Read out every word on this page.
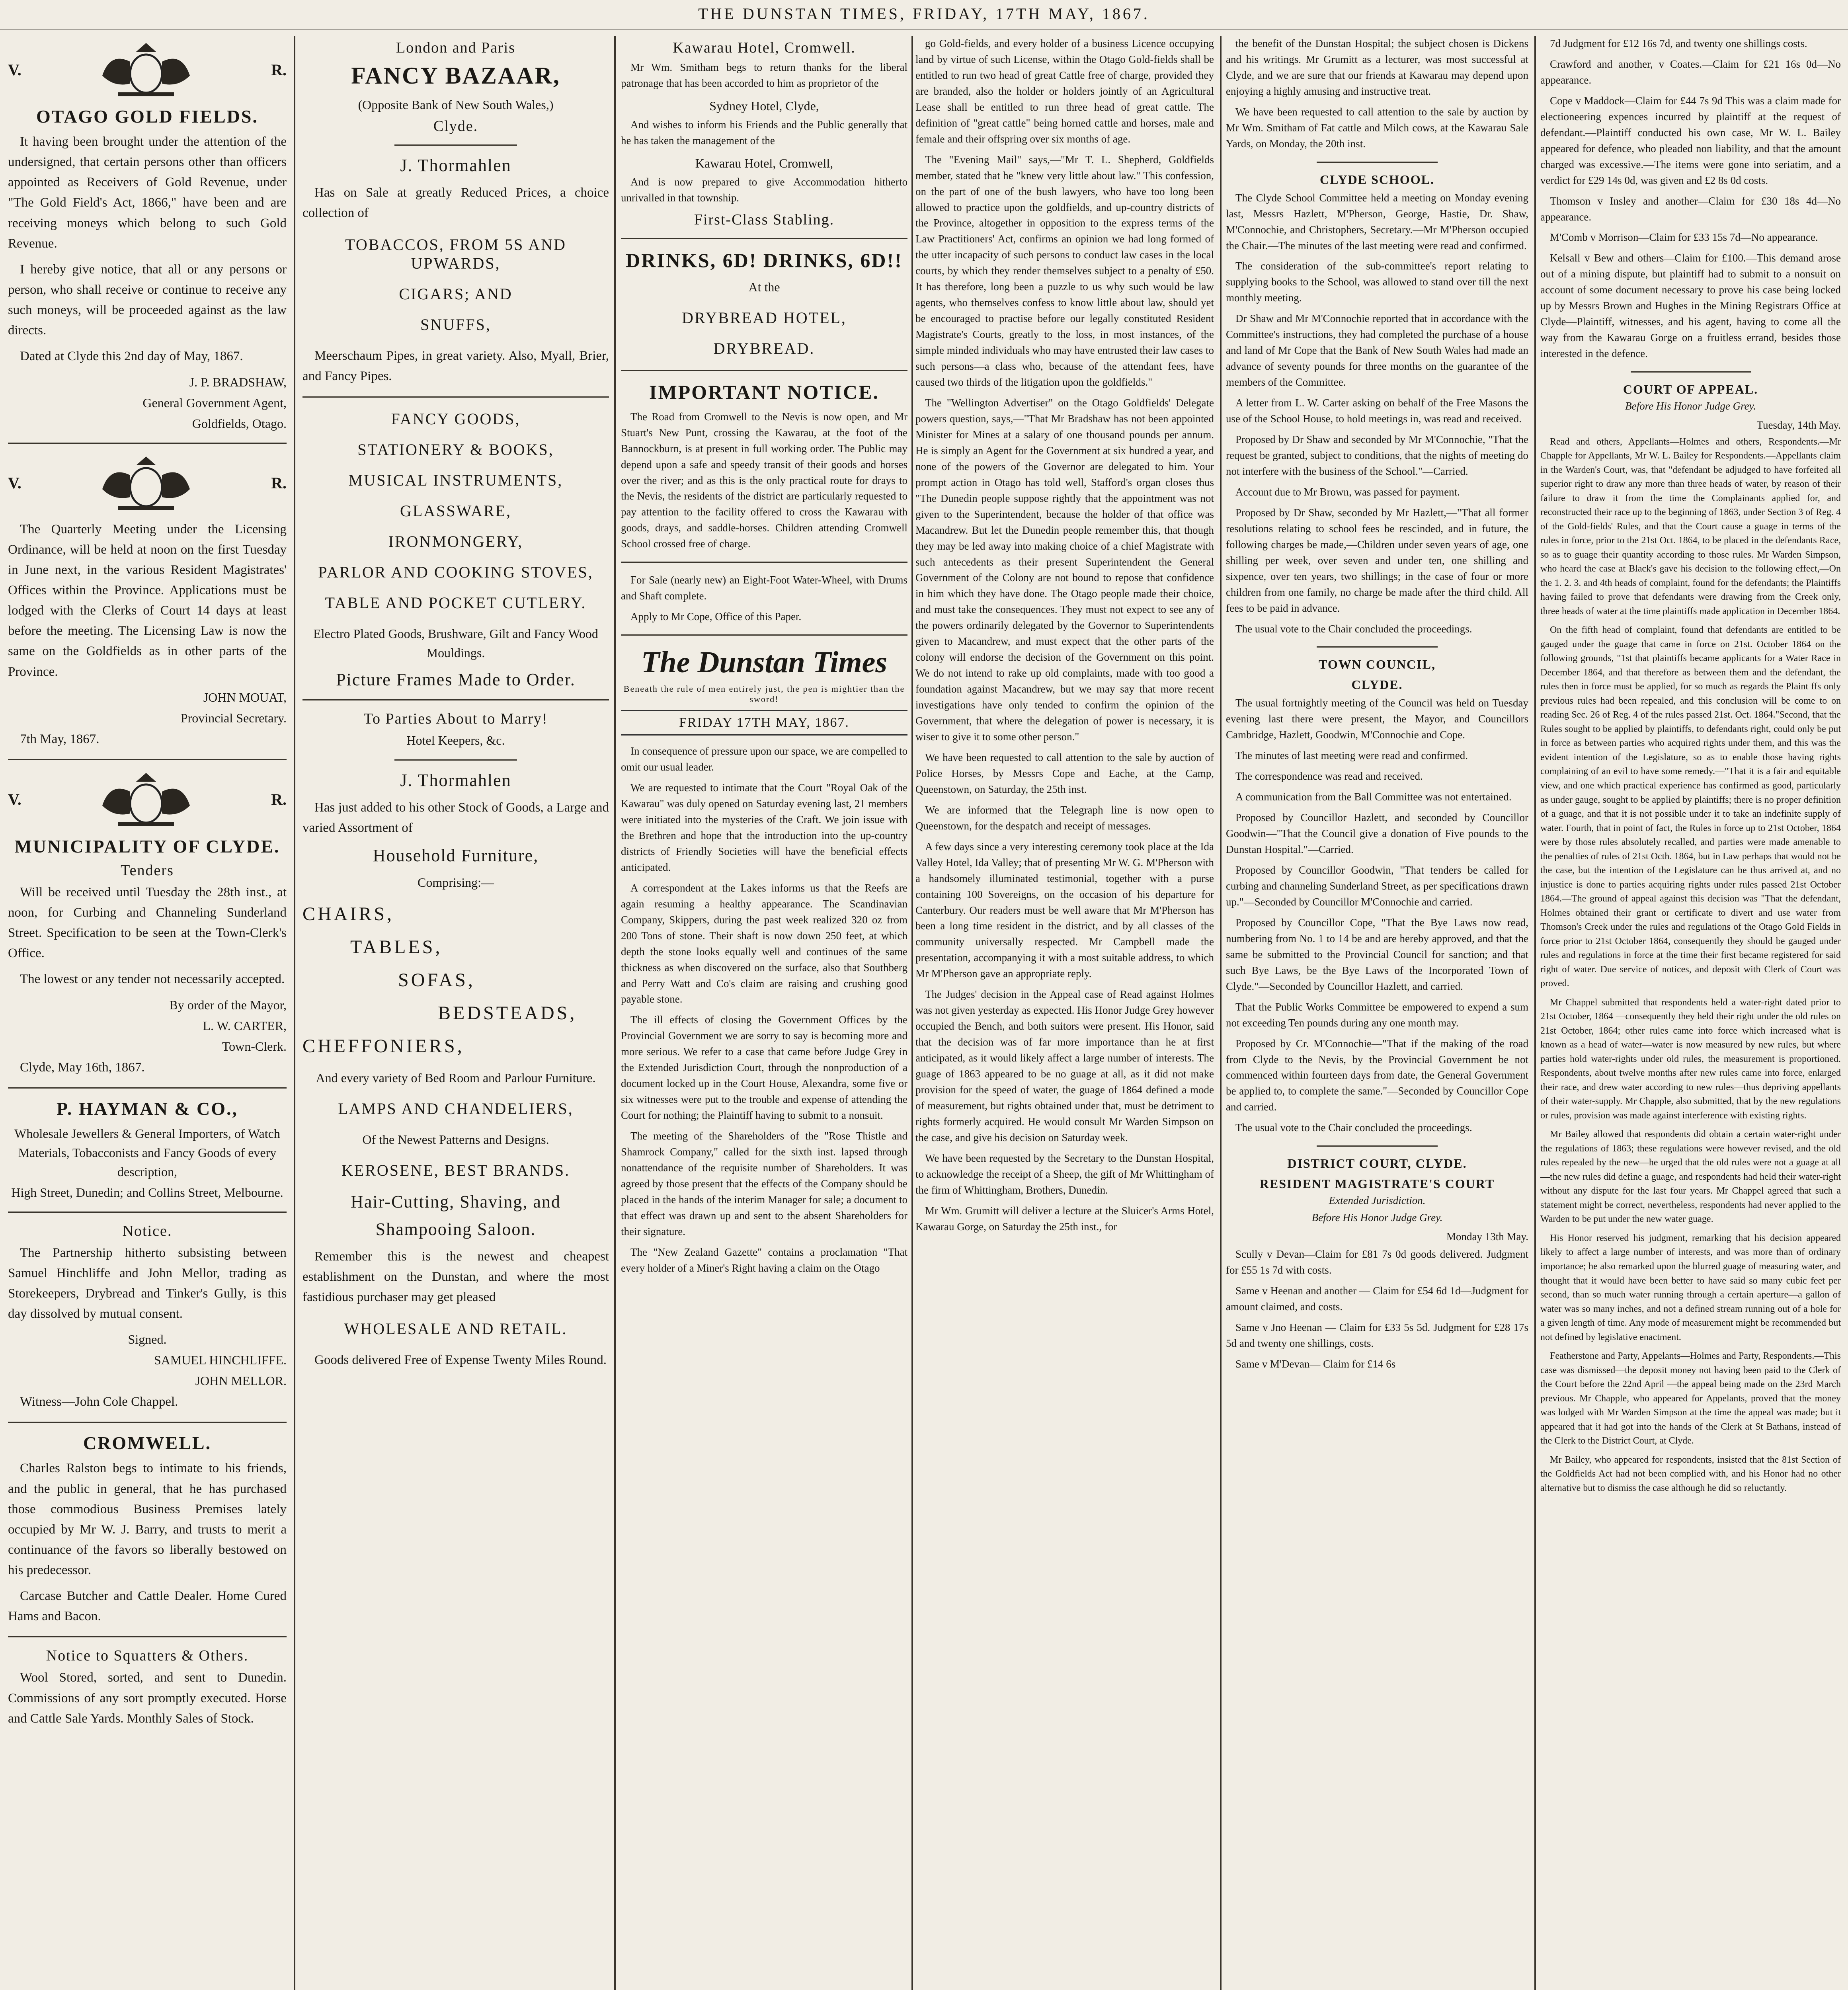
THE DUNSTAN TIMES, FRIDAY, 17TH MAY, 1867.
V.	R.
OTAGO GOLD FIELDS.

It having been brought under the attention of the undersigned, that certain persons other than officers appointed as Receivers of Gold Revenue, under "The Gold Field's Act, 1866," have been and are receiving moneys which belong to such Gold Revenue.

I hereby give notice, that all or any persons or person, who shall receive or continue to receive any such moneys, will be proceeded against as the law directs.

Dated at Clyde this 2nd day of May, 1867.

J. P. BRADSHAW,

General Government Agent,

Goldfields, Otago.

V.	R.

The Quarterly Meeting under the Licensing Ordinance, will be held at noon on the first Tuesday in June next, in the various Resident Magistrates' Offices within the Province. Applications must be lodged with the Clerks of Court 14 days at least before the meeting. The Licensing Law is now the same on the Goldfields as in other parts of the Province.

JOHN MOUAT,

Provincial Secretary.

7th May, 1867.

V.	R.
MUNICIPALITY OF CLYDE.
Tenders

Will be received until Tuesday the 28th inst., at noon, for Curbing and Channeling Sunderland Street. Specification to be seen at the Town-Clerk's Office.

The lowest or any tender not necessarily accepted.

By order of the Mayor,

L. W. CARTER,

Town-Clerk.

Clyde, May 16th, 1867.

P. HAYMAN & CO.,

Wholesale Jewellers & General Importers, of Watch Materials, Tobacconists and Fancy Goods of every description,

High Street, Dunedin; and Collins Street, Melbourne.

Notice.

The Partnership hitherto subsisting between Samuel Hinchliffe and John Mellor, trading as Storekeepers, Drybread and Tinker's Gully, is this day dissolved by mutual consent.

Signed.

SAMUEL HINCHLIFFE.

JOHN MELLOR.

Witness—John Cole Chappel.

CROMWELL.

Charles Ralston begs to intimate to his friends, and the public in general, that he has purchased those commodious Business Premises lately occupied by Mr W. J. Barry, and trusts to merit a continuance of the favors so liberally bestowed on his predecessor.

Carcase Butcher and Cattle Dealer. Home Cured Hams and Bacon.

Notice to Squatters & Others.

Wool Stored, sorted, and sent to Dunedin. Commissions of any sort promptly executed. Horse and Cattle Sale Yards. Monthly Sales of Stock.

London and Paris
FANCY BAZAAR,
(Opposite Bank of New South Wales,)
Clyde.
J. Thormahlen

Has on Sale at greatly Reduced Prices, a choice collection of

TOBACCOS, FROM 5S AND UPWARDS,
CIGARS; AND
SNUFFS,

Meerschaum Pipes, in great variety. Also, Myall, Brier, and Fancy Pipes.

FANCY GOODS,
STATIONERY & BOOKS,
MUSICAL INSTRUMENTS,
GLASSWARE,
IRONMONGERY,
PARLOR AND COOKING STOVES,
TABLE AND POCKET CUTLERY.

Electro Plated Goods, Brushware, Gilt and Fancy Wood Mouldings.

Picture Frames Made to Order.
To Parties About to Marry!
Hotel Keepers, &c.
J. Thormahlen

Has just added to his other Stock of Goods, a Large and varied Assortment of

Household Furniture,
Comprising:—
CHAIRS,
TABLES,
SOFAS,
BEDSTEADS,
CHEFFONIERS,

And every variety of Bed Room and Parlour Furniture.

LAMPS AND CHANDELIERS,

Of the Newest Patterns and Designs.

KEROSENE, BEST BRANDS.
Hair-Cutting, Shaving, and
Shampooing Saloon.

Remember this is the newest and cheapest establishment on the Dunstan, and where the most fastidious purchaser may get pleased

WHOLESALE AND RETAIL.

Goods delivered Free of Expense Twenty Miles Round.

Kawarau Hotel, Cromwell.

Mr Wm. Smitham begs to return thanks for the liberal patronage that has been accorded to him as proprietor of the

Sydney Hotel, Clyde,

And wishes to inform his Friends and the Public generally that he has taken the management of the

Kawarau Hotel, Cromwell,

And is now prepared to give Accommodation hitherto unrivalled in that township.

First-Class Stabling.
DRINKS, 6D! DRINKS, 6D!!
At the
DRYBREAD HOTEL,
DRYBREAD.
IMPORTANT NOTICE.

The Road from Cromwell to the Nevis is now open, and Mr Stuart's New Punt, crossing the Kawarau, at the foot of the Bannockburn, is at present in full working order. The Public may depend upon a safe and speedy transit of their goods and horses over the river; and as this is the only practical route for drays to the Nevis, the residents of the district are particularly requested to pay attention to the facility offered to cross the Kawarau with goods, drays, and saddle-horses. Children attending Cromwell School crossed free of charge.

For Sale (nearly new) an Eight-Foot Water-Wheel, with Drums and Shaft complete.

Apply to Mr Cope, Office of this Paper.

The Dunstan Times
Beneath the rule of men entirely just, the pen is mightier than the sword!
FRIDAY 17TH MAY, 1867.

In consequence of pressure upon our space, we are compelled to omit our usual leader.

We are requested to intimate that the Court "Royal Oak of the Kawarau" was duly opened on Saturday evening last, 21 members were initiated into the mysteries of the Craft. We join issue with the Brethren and hope that the introduction into the up-country districts of Friendly Societies will have the beneficial effects anticipated.

A correspondent at the Lakes informs us that the Reefs are again resuming a healthy appearance. The Scandinavian Company, Skippers, during the past week realized 320 oz from 200 Tons of stone. Their shaft is now down 250 feet, at which depth the stone looks equally well and continues of the same thickness as when discovered on the surface, also that Southberg and Perry Watt and Co's claim are raising and crushing good payable stone.

The ill effects of closing the Government Offices by the Provincial Government we are sorry to say is becoming more and more serious. We refer to a case that came before Judge Grey in the Extended Jurisdiction Court, through the nonproduction of a document locked up in the Court House, Alexandra, some five or six witnesses were put to the trouble and expense of attending the Court for nothing; the Plaintiff having to submit to a nonsuit.

The meeting of the Shareholders of the "Rose Thistle and Shamrock Company," called for the sixth inst. lapsed through nonattendance of the requisite number of Shareholders. It was agreed by those present that the effects of the Company should be placed in the hands of the interim Manager for sale; a document to that effect was drawn up and sent to the absent Shareholders for their signature.

The "New Zealand Gazette" contains a proclamation "That every holder of a Miner's Right having a claim on the Otago

go Gold-fields, and every holder of a business Licence occupying land by virtue of such License, within the Otago Gold-fields shall be entitled to run two head of great Cattle free of charge, provided they are branded, also the holder or holders jointly of an Agricultural Lease shall be entitled to run three head of great cattle. The definition of "great cattle" being horned cattle and horses, male and female and their offspring over six months of age.

The "Evening Mail" says,—"Mr T. L. Shepherd, Goldfields member, stated that he "knew very little about law." This confession, on the part of one of the bush lawyers, who have too long been allowed to practice upon the goldfields, and up-country districts of the Province, altogether in opposition to the express terms of the Law Practitioners' Act, confirms an opinion we had long formed of the utter incapacity of such persons to conduct law cases in the local courts, by which they render themselves subject to a penalty of £50. It has therefore, long been a puzzle to us why such would be law agents, who themselves confess to know little about law, should yet be encouraged to practise before our legally constituted Resident Magistrate's Courts, greatly to the loss, in most instances, of the simple minded individuals who may have entrusted their law cases to such persons—a class who, because of the attendant fees, have caused two thirds of the litigation upon the goldfields."

The "Wellington Advertiser" on the Otago Goldfields' Delegate powers question, says,—"That Mr Bradshaw has not been appointed Minister for Mines at a salary of one thousand pounds per annum. He is simply an Agent for the Government at six hundred a year, and none of the powers of the Governor are delegated to him. Your prompt action in Otago has told well, Stafford's organ closes thus "The Dunedin people suppose rightly that the appointment was not given to the Superintendent, because the holder of that office was Macandrew. But let the Dunedin people remember this, that though they may be led away into making choice of a chief Magistrate with such antecedents as their present Superintendent the General Government of the Colony are not bound to repose that confidence in him which they have done. The Otago people made their choice, and must take the consequences. They must not expect to see any of the powers ordinarily delegated by the Governor to Superintendents given to Macandrew, and must expect that the other parts of the colony will endorse the decision of the Government on this point. We do not intend to rake up old complaints, made with too good a foundation against Macandrew, but we may say that more recent investigations have only tended to confirm the opinion of the Government, that where the delegation of power is necessary, it is wiser to give it to some other person."

We have been requested to call attention to the sale by auction of Police Horses, by Messrs Cope and Eache, at the Camp, Queenstown, on Saturday, the 25th inst.

We are informed that the Telegraph line is now open to Queenstown, for the despatch and receipt of messages.

A few days since a very interesting ceremony took place at the Ida Valley Hotel, Ida Valley; that of presenting Mr W. G. M'Pherson with a handsomely illuminated testimonial, together with a purse containing 100 Sovereigns, on the occasion of his departure for Canterbury. Our readers must be well aware that Mr M'Pherson has been a long time resident in the district, and by all classes of the community universally respected. Mr Campbell made the presentation, accompanying it with a most suitable address, to which Mr M'Pherson gave an appropriate reply.

The Judges' decision in the Appeal case of Read against Holmes was not given yesterday as expected. His Honor Judge Grey however occupied the Bench, and both suitors were present. His Honor, said that the decision was of far more importance than he at first anticipated, as it would likely affect a large number of interests. The guage of 1863 appeared to be no guage at all, as it did not make provision for the speed of water, the guage of 1864 defined a mode of measurement, but rights obtained under that, must be detriment to rights formerly acquired. He would consult Mr Warden Simpson on the case, and give his decision on Saturday week.

We have been requested by the Secretary to the Dunstan Hospital, to acknowledge the receipt of a Sheep, the gift of Mr Whittingham of the firm of Whittingham, Brothers, Dunedin.

Mr Wm. Grumitt will deliver a lecture at the Sluicer's Arms Hotel, Kawarau Gorge, on Saturday the 25th inst., for

the benefit of the Dunstan Hospital; the subject chosen is Dickens and his writings. Mr Grumitt as a lecturer, was most successful at Clyde, and we are sure that our friends at Kawarau may depend upon enjoying a highly amusing and instructive treat.

We have been requested to call attention to the sale by auction by Mr Wm. Smitham of Fat cattle and Milch cows, at the Kawarau Sale Yards, on Monday, the 20th inst.

CLYDE SCHOOL.

The Clyde School Committee held a meeting on Monday evening last, Messrs Hazlett, M'Pherson, George, Hastie, Dr. Shaw, M'Connochie, and Christophers, Secretary.—Mr M'Pherson occupied the Chair.—The minutes of the last meeting were read and confirmed.

The consideration of the sub-committee's report relating to supplying books to the School, was allowed to stand over till the next monthly meeting.

Dr Shaw and Mr M'Connochie reported that in accordance with the Committee's instructions, they had completed the purchase of a house and land of Mr Cope that the Bank of New South Wales had made an advance of seventy pounds for three months on the guarantee of the members of the Committee.

A letter from L. W. Carter asking on behalf of the Free Masons the use of the School House, to hold meetings in, was read and received.

Proposed by Dr Shaw and seconded by Mr M'Connochie, "That the request be granted, subject to conditions, that the nights of meeting do not interfere with the business of the School."—Carried.

Account due to Mr Brown, was passed for payment.

Proposed by Dr Shaw, seconded by Mr Hazlett,—"That all former resolutions relating to school fees be rescinded, and in future, the following charges be made,—Children under seven years of age, one shilling per week, over seven and under ten, one shilling and sixpence, over ten years, two shillings; in the case of four or more children from one family, no charge be made after the third child. All fees to be paid in advance.

The usual vote to the Chair concluded the proceedings.

TOWN COUNCIL,
CLYDE.

The usual fortnightly meeting of the Council was held on Tuesday evening last there were present, the Mayor, and Councillors Cambridge, Hazlett, Goodwin, M'Connochie and Cope.

The minutes of last meeting were read and confirmed.

The correspondence was read and received.

A communication from the Ball Committee was not entertained.

Proposed by Councillor Hazlett, and seconded by Councillor Goodwin—"That the Council give a donation of Five pounds to the Dunstan Hospital."—Carried.

Proposed by Councillor Goodwin, "That tenders be called for curbing and channeling Sunderland Street, as per specifications drawn up."—Seconded by Councillor M'Connochie and carried.

Proposed by Councillor Cope, "That the Bye Laws now read, numbering from No. 1 to 14 be and are hereby approved, and that the same be submitted to the Provincial Council for sanction; and that such Bye Laws, be the Bye Laws of the Incorporated Town of Clyde."—Seconded by Councillor Hazlett, and carried.

That the Public Works Committee be empowered to expend a sum not exceeding Ten pounds during any one month may.

Proposed by Cr. M'Connochie—"That if the making of the road from Clyde to the Nevis, by the Provincial Government be not commenced within fourteen days from date, the General Government be applied to, to complete the same."—Seconded by Councillor Cope and carried.

The usual vote to the Chair concluded the proceedings.

DISTRICT COURT, CLYDE.
RESIDENT MAGISTRATE'S COURT
Extended Jurisdiction.
Before His Honor Judge Grey.

Monday 13th May.

Scully v Devan—Claim for £81 7s 0d goods delivered. Judgment for £55 1s 7d with costs.

Same v Heenan and another — Claim for £54 6d 1d—Judgment for amount claimed, and costs.

Same v Jno Heenan — Claim for £33 5s 5d. Judgment for £28 17s 5d and twenty one shillings, costs.

Same v M'Devan— Claim for £14 6s

7d Judgment for £12 16s 7d, and twenty one shillings costs.

Crawford and another, v Coates.—Claim for £21 16s 0d—No appearance.

Cope v Maddock—Claim for £44 7s 9d This was a claim made for electioneering expences incurred by plaintiff at the request of defendant.—Plaintiff conducted his own case, Mr W. L. Bailey appeared for defence, who pleaded non liability, and that the amount charged was excessive.—The items were gone into seriatim, and a verdict for £29 14s 0d, was given and £2 8s 0d costs.

Thomson v Insley and another—Claim for £30 18s 4d—No appearance.

M'Comb v Morrison—Claim for £33 15s 7d—No appearance.

Kelsall v Bew and others—Claim for £100.—This demand arose out of a mining dispute, but plaintiff had to submit to a nonsuit on account of some document necessary to prove his case being locked up by Messrs Brown and Hughes in the Mining Registrars Office at Clyde—Plaintiff, witnesses, and his agent, having to come all the way from the Kawarau Gorge on a fruitless errand, besides those interested in the defence.

COURT OF APPEAL.
Before His Honor Judge Grey.

Tuesday, 14th May.

Read and others, Appellants—Holmes and others, Respondents.—Mr Chapple for Appellants, Mr W. L. Bailey for Respondents.—Appellants claim in the Warden's Court, was, that "defendant be adjudged to have forfeited all superior right to draw any more than three heads of water, by reason of their failure to draw it from the time the Complainants applied for, and reconstructed their race up to the beginning of 1863, under Section 3 of Reg. 4 of the Gold-fields' Rules, and that the Court cause a guage in terms of the rules in force, prior to the 21st Oct. 1864, to be placed in the defendants Race, so as to guage their quantity according to those rules. Mr Warden Simpson, who heard the case at Black's gave his decision to the following effect,—On the 1. 2. 3. and 4th heads of complaint, found for the defendants; the Plaintiffs having failed to prove that defendants were drawing from the Creek only, three heads of water at the time plaintiffs made application in December 1864.

On the fifth head of complaint, found that defendants are entitled to be gauged under the guage that came in force on 21st. October 1864 on the following grounds, "1st that plaintiffs became applicants for a Water Race in December 1864, and that therefore as between them and the defendant, the rules then in force must be applied, for so much as regards the Plaint ffs only previous rules had been repealed, and this conclusion will be come to on reading Sec. 26 of Reg. 4 of the rules passed 21st. Oct. 1864."Second, that the Rules sought to be applied by plaintiffs, to defendants right, could only be put in force as between parties who acquired rights under them, and this was the evident intention of the Legislature, so as to enable those having rights complaining of an evil to have some remedy.—"That it is a fair and equitable view, and one which practical experience has confirmed as good, particularly as under gauge, sought to be applied by plaintiffs; there is no proper definition of a guage, and that it is not possible under it to take an indefinite supply of water. Fourth, that in point of fact, the Rules in force up to 21st October, 1864 were by those rules absolutely recalled, and parties were made amenable to the penalties of rules of 21st Octh. 1864, but in Law perhaps that would not be the case, but the intention of the Legislature can be thus arrived at, and no injustice is done to parties acquiring rights under rules passed 21st October 1864.—The ground of appeal against this decision was "That the defendant, Holmes obtained their grant or certificate to divert and use water from Thomson's Creek under the rules and regulations of the Otago Gold Fields in force prior to 21st October 1864, consequently they should be gauged under rules and regulations in force at the time their first became registered for said right of water. Due service of notices, and deposit with Clerk of Court was proved.

Mr Chappel submitted that respondents held a water-right dated prior to 21st October, 1864 —consequently they held their right under the old rules on 21st October, 1864; other rules came into force which increased what is known as a head of water—water is now measured by new rules, but where parties hold water-rights under old rules, the measurement is proportioned. Respondents, about twelve months after new rules came into force, enlarged their race, and drew water according to new rules—thus depriving appellants of their water-supply. Mr Chapple, also submitted, that by the new regulations or rules, provision was made against interference with existing rights.

Mr Bailey allowed that respondents did obtain a certain water-right under the regulations of 1863; these regulations were however revised, and the old rules repealed by the new—he urged that the old rules were not a guage at all—the new rules did define a guage, and respondents had held their water-right without any dispute for the last four years. Mr Chappel agreed that such a statement might be correct, nevertheless, respondents had never applied to the Warden to be put under the new water guage.

His Honor reserved his judgment, remarking that his decision appeared likely to affect a large number of interests, and was more than of ordinary importance; he also remarked upon the blurred guage of measuring water, and thought that it would have been better to have said so many cubic feet per second, than so much water running through a certain aperture—a gallon of water was so many inches, and not a defined stream running out of a hole for a given length of time. Any mode of measurement might be recommended but not defined by legislative enactment.

Featherstone and Party, Appelants—Holmes and Party, Respondents.—This case was dismissed—the deposit money not having been paid to the Clerk of the Court before the 22nd April —the appeal being made on the 23rd March previous. Mr Chapple, who appeared for Appelants, proved that the money was lodged with Mr Warden Simpson at the time the appeal was made; but it appeared that it had got into the hands of the Clerk at St Bathans, instead of the Clerk to the District Court, at Clyde.

Mr Bailey, who appeared for respondents, insisted that the 81st Section of the Goldfields Act had not been complied with, and his Honor had no other alternative but to dismiss the case although he did so reluctantly.
